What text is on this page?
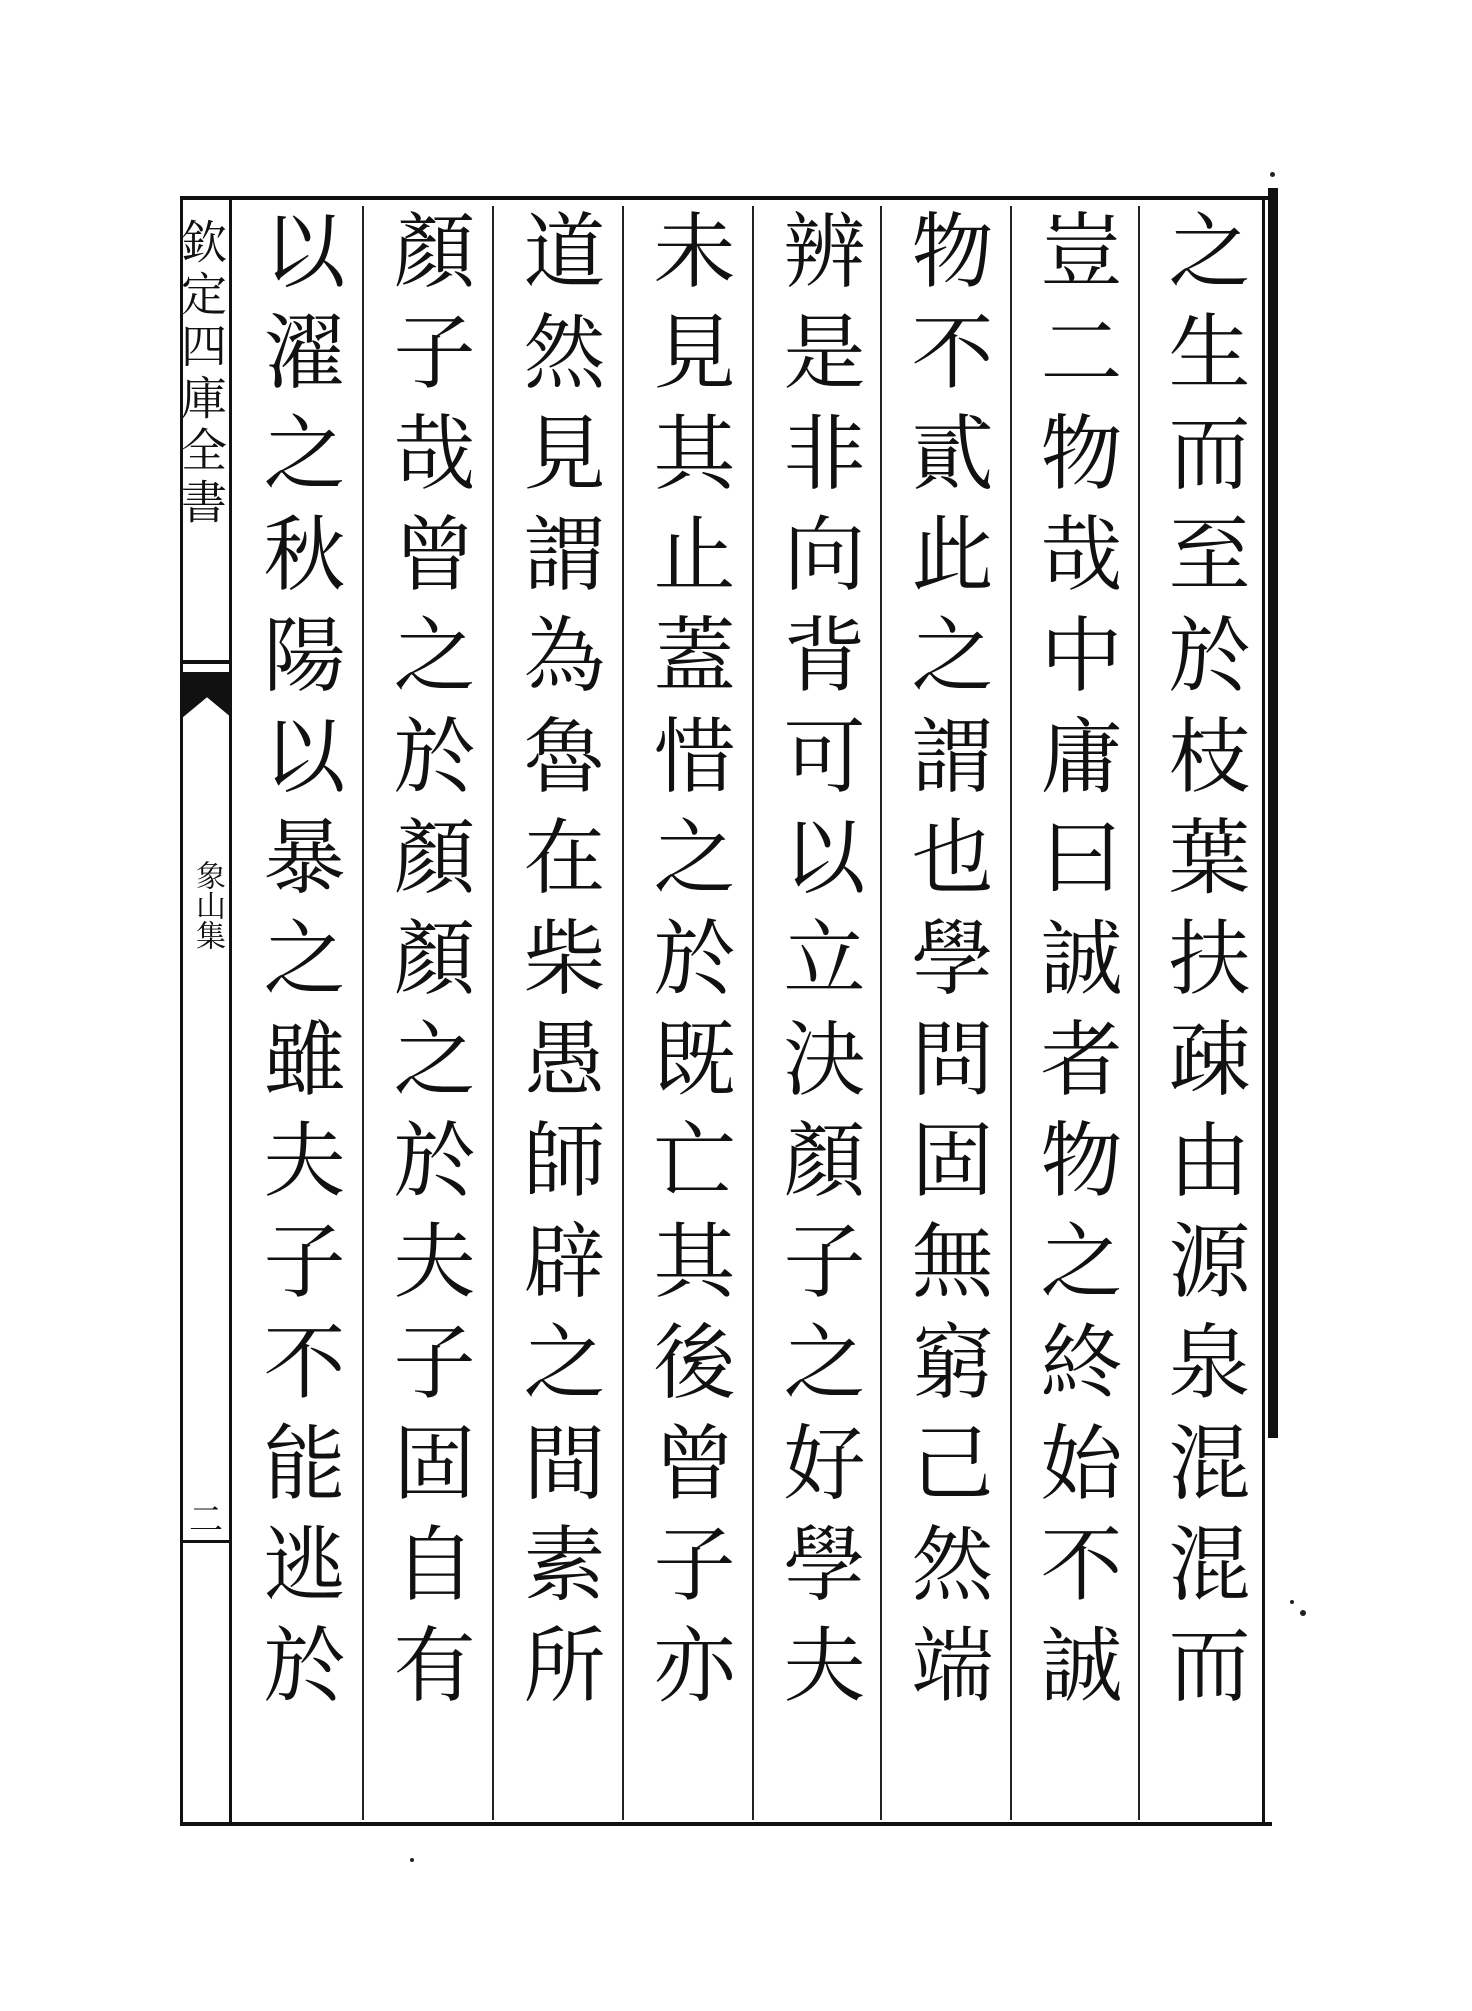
欽定四庫全書
象山集
二
之生而至於枝葉扶疎由源泉混混而
豈二物哉中庸曰誠者物之終始不誠
物不貳此之謂也學問固無窮己然端
辨是非向背可以立決顏子之好學夫
未見其止蓋惜之於既亡其後曾子亦
道然見謂為魯在柴愚師辟之間素所
顏子哉曾之於顏顏之於夫子固自有
以濯之秋陽以暴之雖夫子不能逃於
